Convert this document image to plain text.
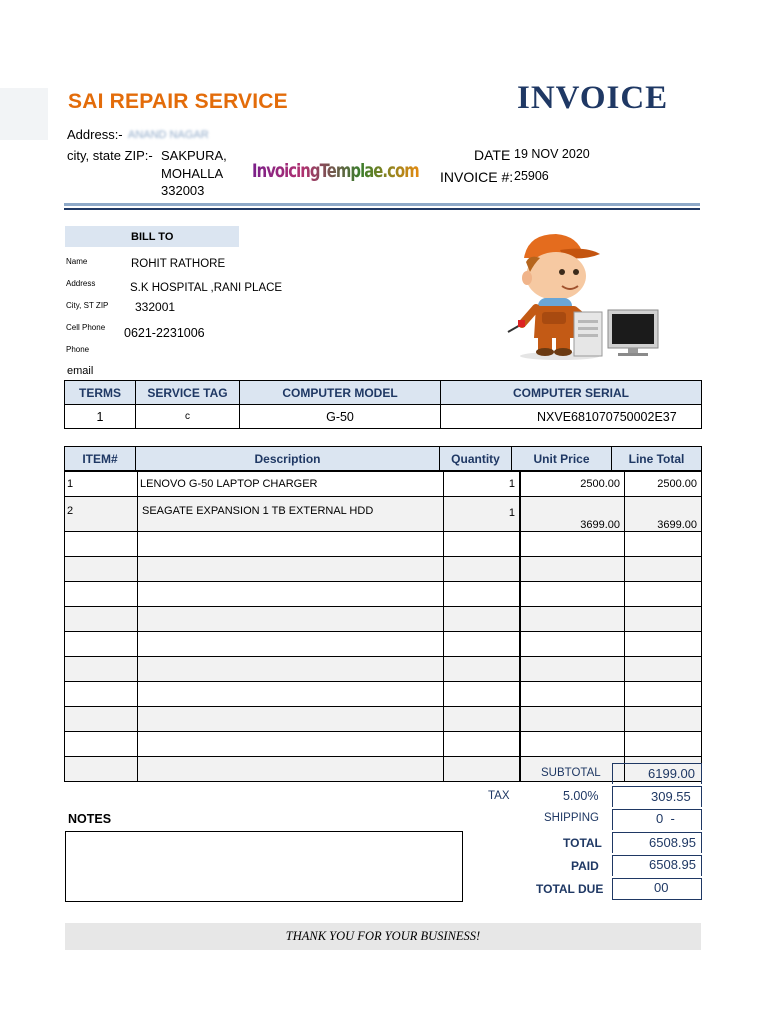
SAI REPAIR SERVICE	INVOICE
Address:- ANAND NAGAR
city, state ZIP:- SAKPURA,
MOHALLA
332003
InvoicingTemplae.com
DATE 19 NOV 2020
INVOICE #: 25906
BILL TO
Name	ROHIT RATHORE
Address	S.K HOSPITAL ,RANI PLACE
City, ST ZIP 332001
Cell Phone 0621-2231006
Phone
email
TERMS	SERVICE TAG	COMPUTER MODEL	COMPUTER SERIAL
1	c	G-50	NXVE681070750002E37
ITEM#	Description	Quantity	Unit Price	Line Total
1	LENOVO G-50 LAPTOP CHARGER	1	2500.00	2500.00
2	SEAGATE EXPANSION 1 TB EXTERNAL HDD	1	3699.00	3699.00

SUBTOTAL	6199.00
TAX	5.00%	309.55
SHIPPING	0  -
TOTAL	6508.95
PAID	6508.95
TOTAL DUE	00
NOTES
THANK YOU FOR YOUR BUSINESS!
